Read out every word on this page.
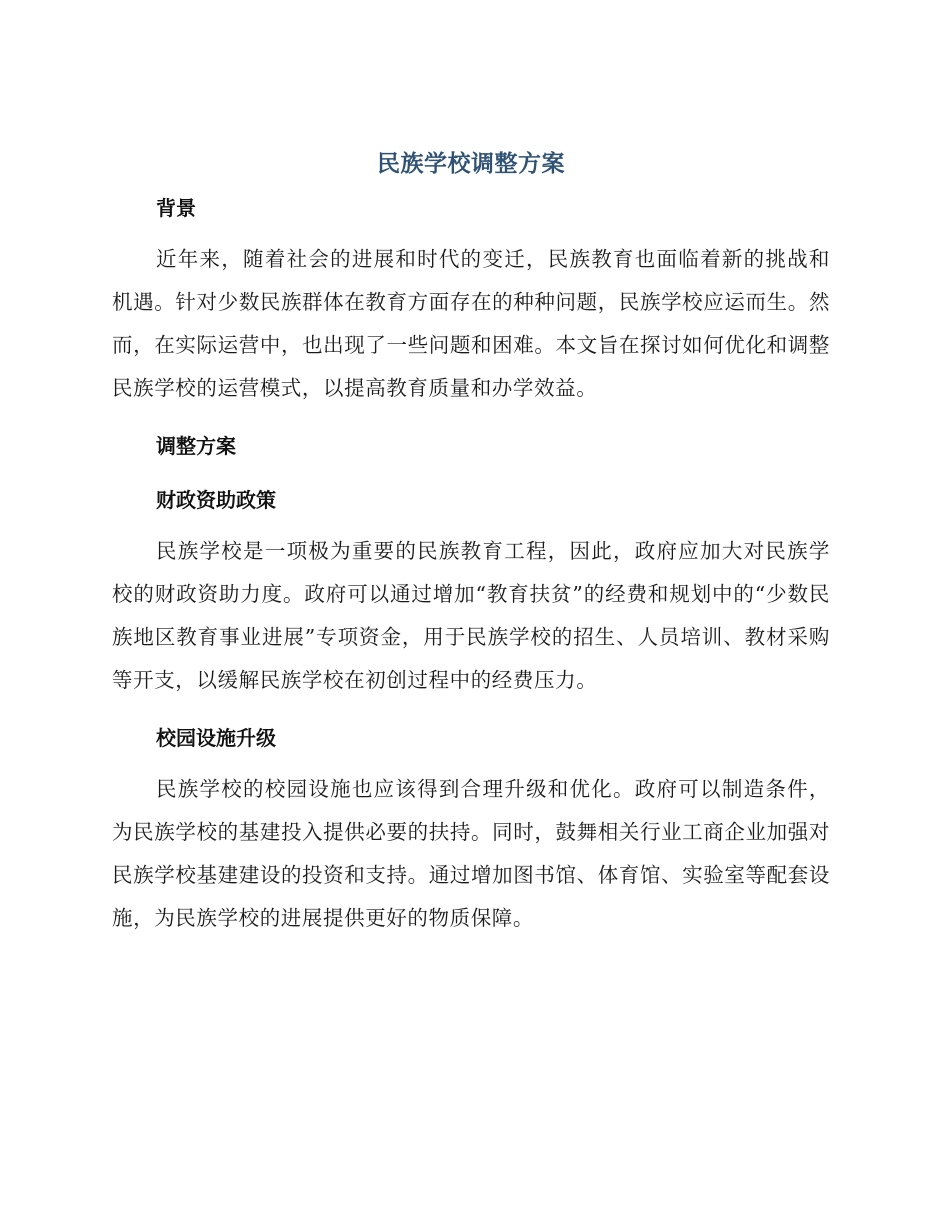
民族学校调整方案
背景

近年来，随着社会的进展和时代的变迁，民族教育也面临着新的挑战和机遇。针对少数民族群体在教育方面存在的种种问题，民族学校应运而生。然而，在实际运营中，也出现了一些问题和困难。本文旨在探讨如何优化和调整民族学校的运营模式，以提高教育质量和办学效益。

调整方案
财政资助政策

民族学校是一项极为重要的民族教育工程，因此，政府应加大对民族学校的财政资助力度。政府可以通过增加“教育扶贫”的经费和规划中的“少数民族地区教育事业进展”专项资金，用于民族学校的招生、人员培训、教材采购等开支，以缓解民族学校在初创过程中的经费压力。

校园设施升级

民族学校的校园设施也应该得到合理升级和优化。政府可以制造条件，为民族学校的基建投入提供必要的扶持。同时，鼓舞相关行业工商企业加强对民族学校基建建设的投资和支持。通过增加图书馆、体育馆、实验室等配套设施，为民族学校的进展提供更好的物质保障。
